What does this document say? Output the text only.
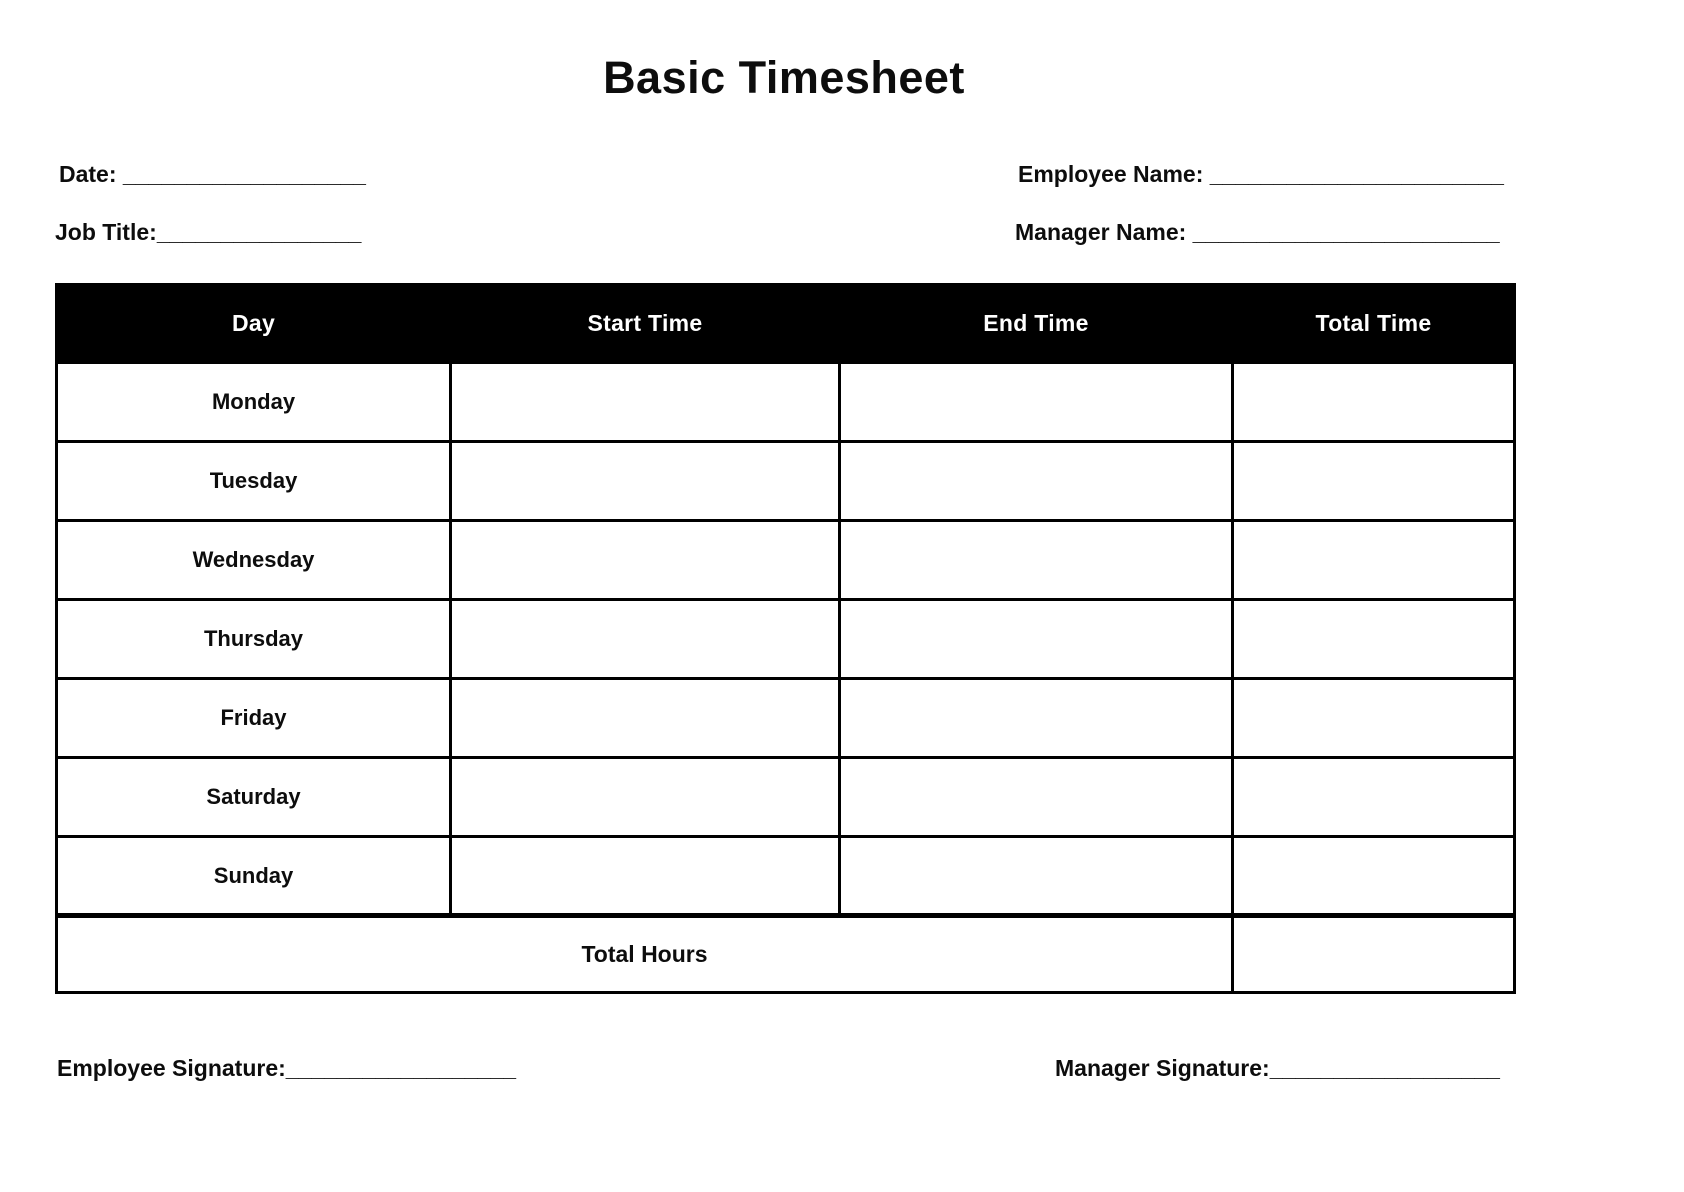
Basic Timesheet
Date: ___________________	Employee Name: _______________________
Job Title:________________	Manager Name: ________________________
Day	Start Time	End Time	Total Time
Monday			
Tuesday			
Wednesday			
Thursday			
Friday			
Saturday			
Sunday			
Total Hours			
Employee Signature:__________________	Manager Signature:__________________
